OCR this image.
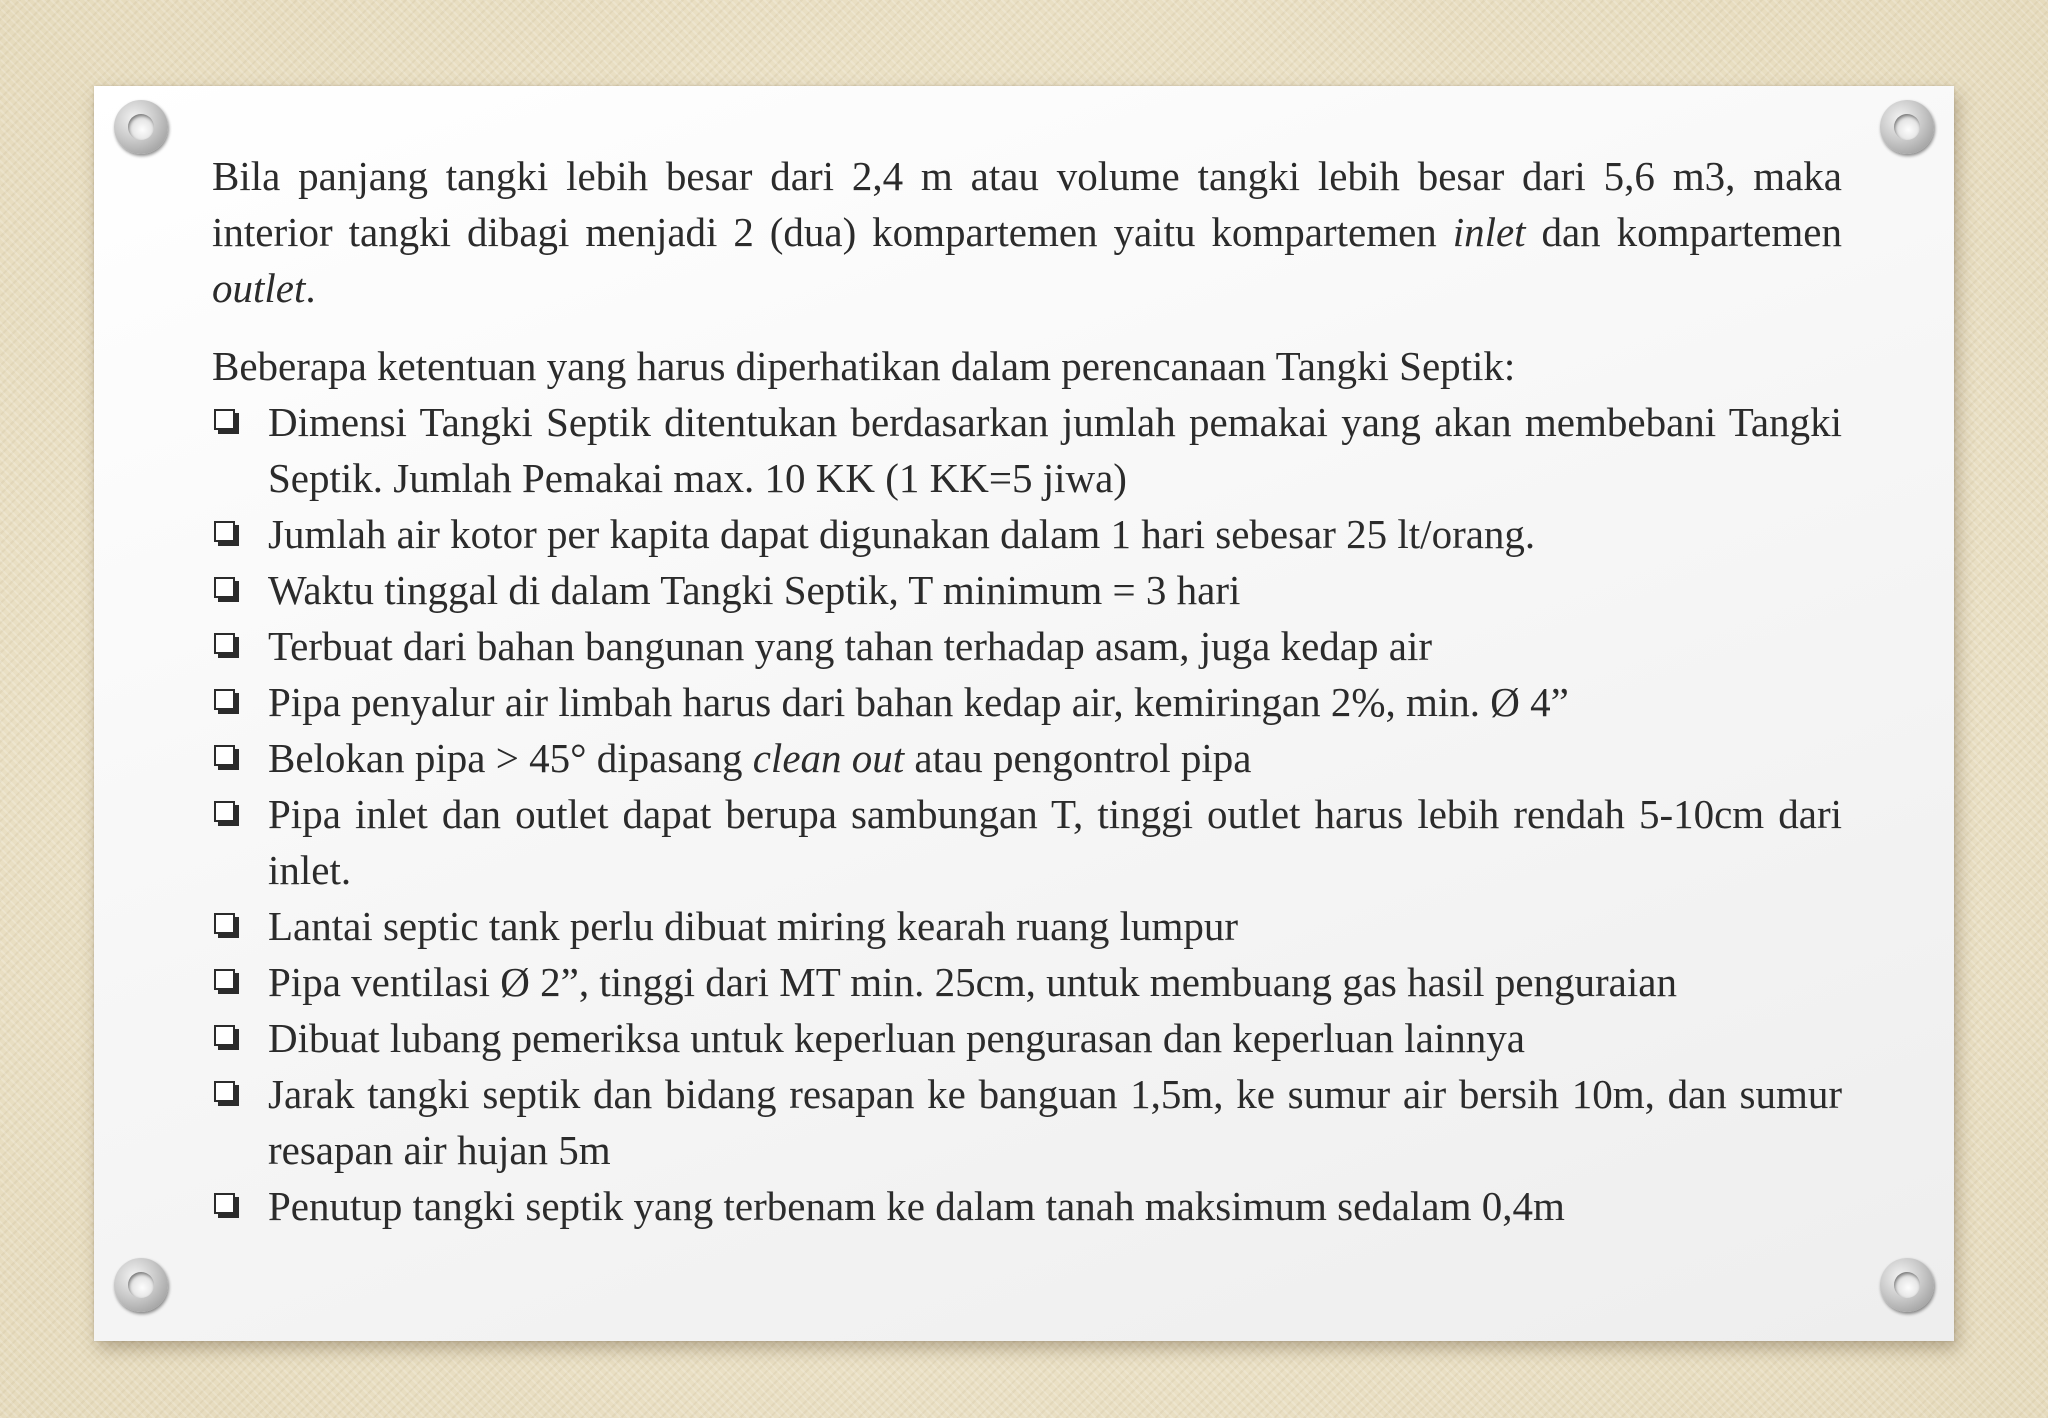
Bila panjang tangki lebih besar dari 2,4 m atau volume tangki lebih besar dari 5,6 m3, maka interior tangki dibagi menjadi 2 (dua) kompartemen yaitu kompartemen inlet dan kompartemen outlet.

Beberapa ketentuan yang harus diperhatikan dalam perencanaan Tangki Septik:

Dimensi Tangki Septik ditentukan berdasarkan jumlah pemakai yang akan membebani Tangki Septik. Jumlah Pemakai max. 10 KK (1 KK=5 jiwa)
Jumlah air kotor per kapita dapat digunakan dalam 1 hari sebesar 25 lt/orang.
Waktu tinggal di dalam Tangki Septik, T minimum = 3 hari
Terbuat dari bahan bangunan yang tahan terhadap asam, juga kedap air
Pipa penyalur air limbah harus dari bahan kedap air, kemiringan 2%, min. Ø 4”
Belokan pipa > 45° dipasang clean out atau pengontrol pipa
Pipa inlet dan outlet dapat berupa sambungan T, tinggi outlet harus lebih rendah 5-10cm dari inlet.
Lantai septic tank perlu dibuat miring kearah ruang lumpur
Pipa ventilasi Ø 2”, tinggi dari MT min. 25cm, untuk membuang gas hasil penguraian
Dibuat lubang pemeriksa untuk keperluan pengurasan dan keperluan lainnya
Jarak tangki septik dan bidang resapan ke banguan 1,5m, ke sumur air bersih 10m, dan sumur resapan air hujan 5m
Penutup tangki septik yang terbenam ke dalam tanah maksimum sedalam 0,4m
